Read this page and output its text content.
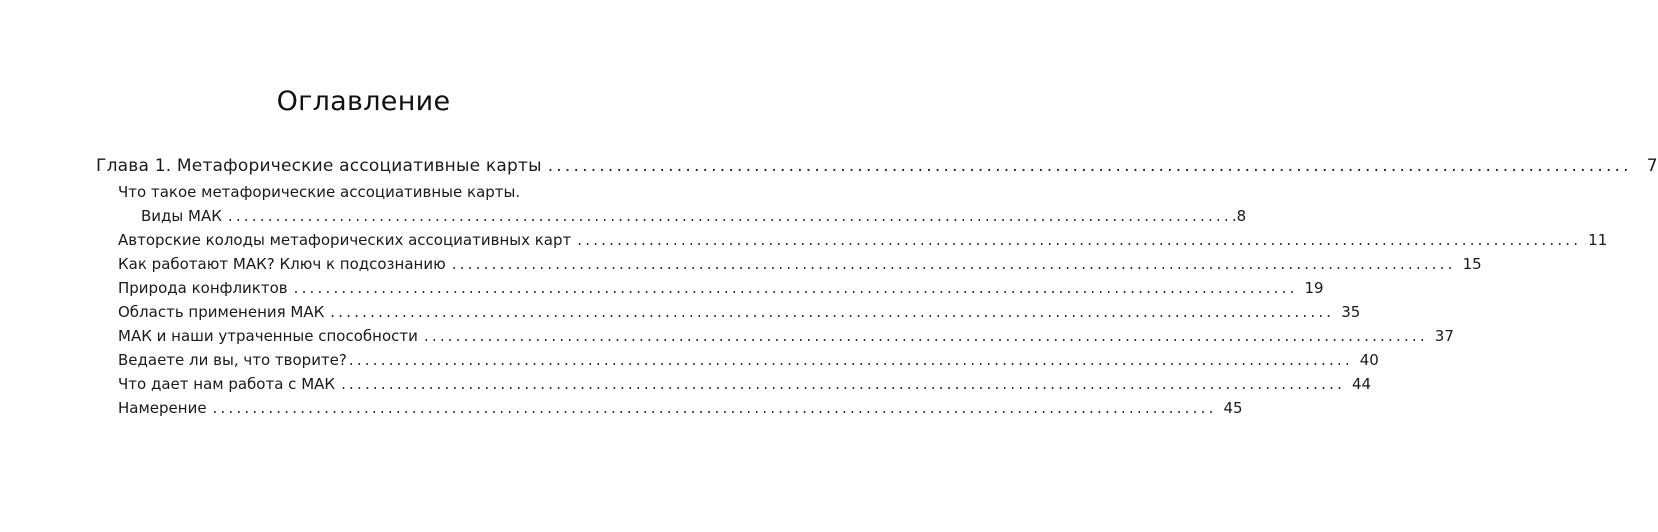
Оглавление
Глава 1. Метафорические ассоциативные карты .............................................................................................................................. 7
Что такое метафорические ассоциативные карты.
Виды МАК .............................................................................................................................. .8
Авторские колоды метафорических ассоциативных карт .............................................................................................................................. 11
Как работают МАК? Ключ к подсознанию .............................................................................................................................. 15
Природа конфликтов .............................................................................................................................. 19
Область применения МАК .............................................................................................................................. 35
МАК и наши утраченные способности .............................................................................................................................. 37
Ведаете ли вы, что творите? .............................................................................................................................. 40
Что дает нам работа с МАК .............................................................................................................................. 44
Намерение .............................................................................................................................. 45
